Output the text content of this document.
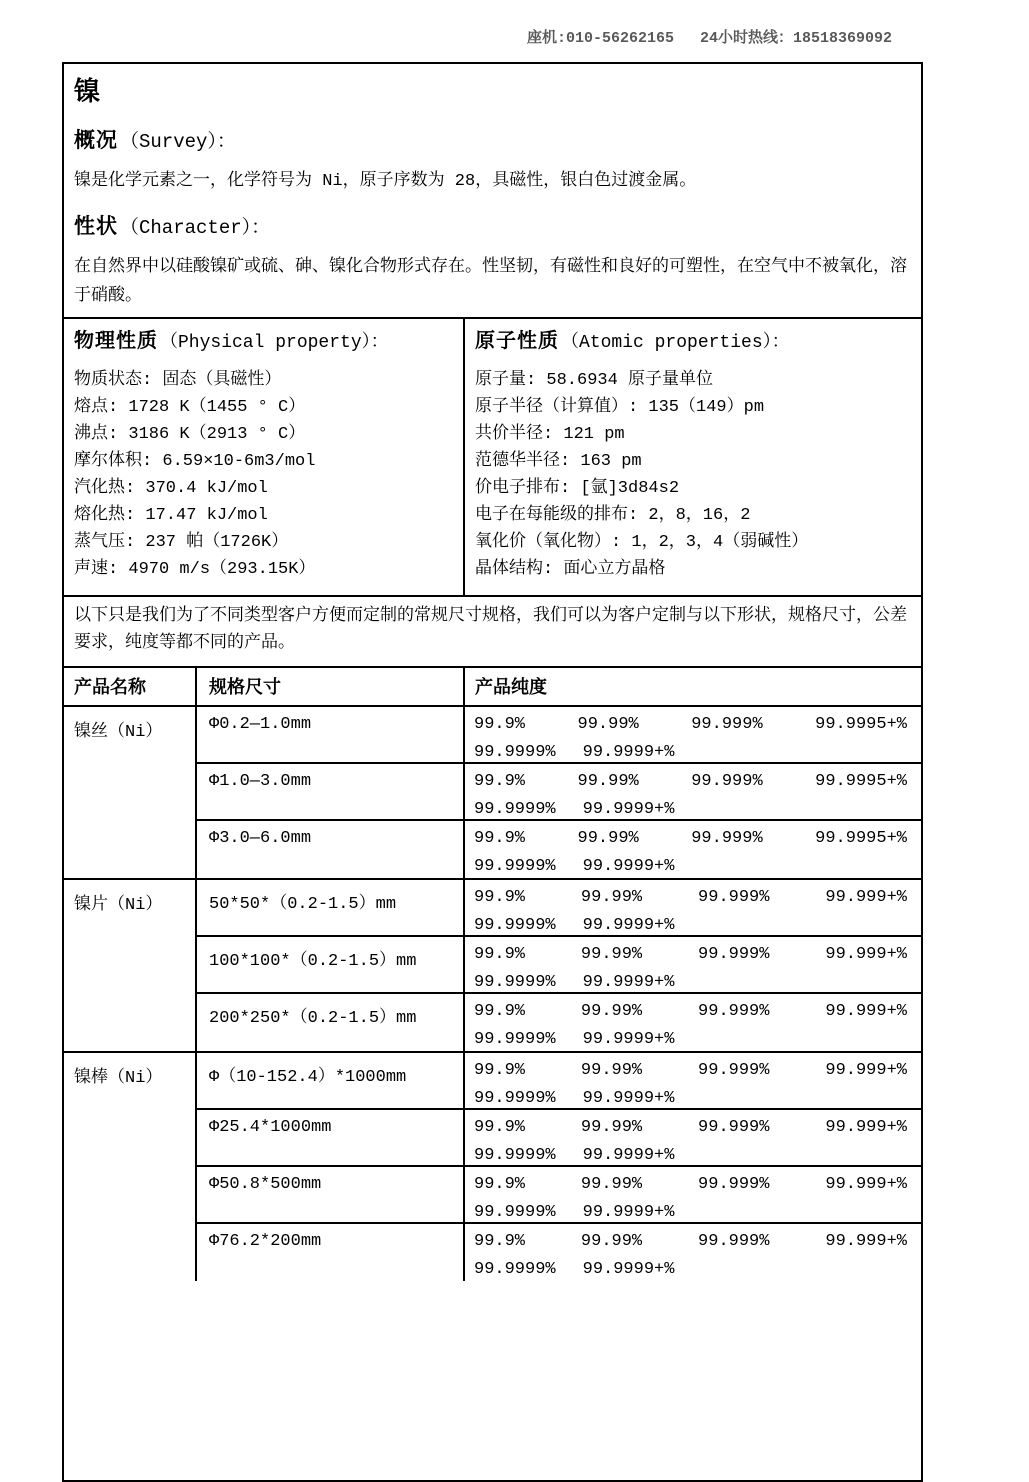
座机:010-56262165 24小时热线：18518369092
镍
概况 （Survey）：

镍是化学元素之一，化学符号为 Ni，原子序数为 28，具磁性，银白色过渡金属。

性状 （Character）：

在自然界中以硅酸镍矿或硫、砷、镍化合物形式存在。性坚韧，有磁性和良好的可塑性，在空气中不被氧化，溶于硝酸。

物理性质 （Physical property）：
物质状态: 固态（具磁性）
熔点: 1728 K（1455 ° C）
沸点: 3186 K（2913 ° C）
摩尔体积: 6.59×10-6m3/mol
汽化热: 370.4 kJ/mol
熔化热: 17.47 kJ/mol
蒸气压: 237 帕（1726K）
声速: 4970 m/s（293.15K）
原子性质 （Atomic properties）：
原子量: 58.6934 原子量单位
原子半径（计算值）: 135（149）pm
共价半径: 121 pm
范德华半径: 163 pm
价电子排布: [氩]3d84s2
电子在每能级的排布: 2，8，16，2
氧化价（氧化物）: 1，2，3，4（弱碱性）
晶体结构: 面心立方晶格

以下只是我们为了不同类型客户方便而定制的常规尺寸规格，我们可以为客户定制与以下形状，规格尺寸，公差要求，纯度等都不同的产品。

产品名称	规格尺寸	产品纯度
镍丝（Ni）	Φ0.2—1.0mm	99.9%	99.99%	99.999%	99.9995+%
99.9999% 99.9999+%
Φ1.0—3.0mm	99.9%	99.99%	99.999%	99.9995+%
99.9999% 99.9999+%
Φ3.0—6.0mm	99.9%	99.99%	99.999%	99.9995+%
99.9999% 99.9999+%
镍片（Ni）	50*50*（0.2-1.5）mm	99.9%	99.99%	99.999%	99.999+%
99.9999% 99.9999+%
100*100*（0.2-1.5）mm	99.9%	99.99%	99.999%	99.999+%
99.9999% 99.9999+%
200*250*（0.2-1.5）mm	99.9%	99.99%	99.999%	99.999+%
99.9999% 99.9999+%
镍棒（Ni）	Φ（10-152.4）*1000mm	99.9%	99.99%	99.999%	99.999+%
99.9999% 99.9999+%
Φ25.4*1000mm	99.9%	99.99%	99.999%	99.999+%
99.9999% 99.9999+%
Φ50.8*500mm	99.9%	99.99%	99.999%	99.999+%
99.9999% 99.9999+%
Φ76.2*200mm	99.9%	99.99%	99.999%	99.999+%
99.9999% 99.9999+%
